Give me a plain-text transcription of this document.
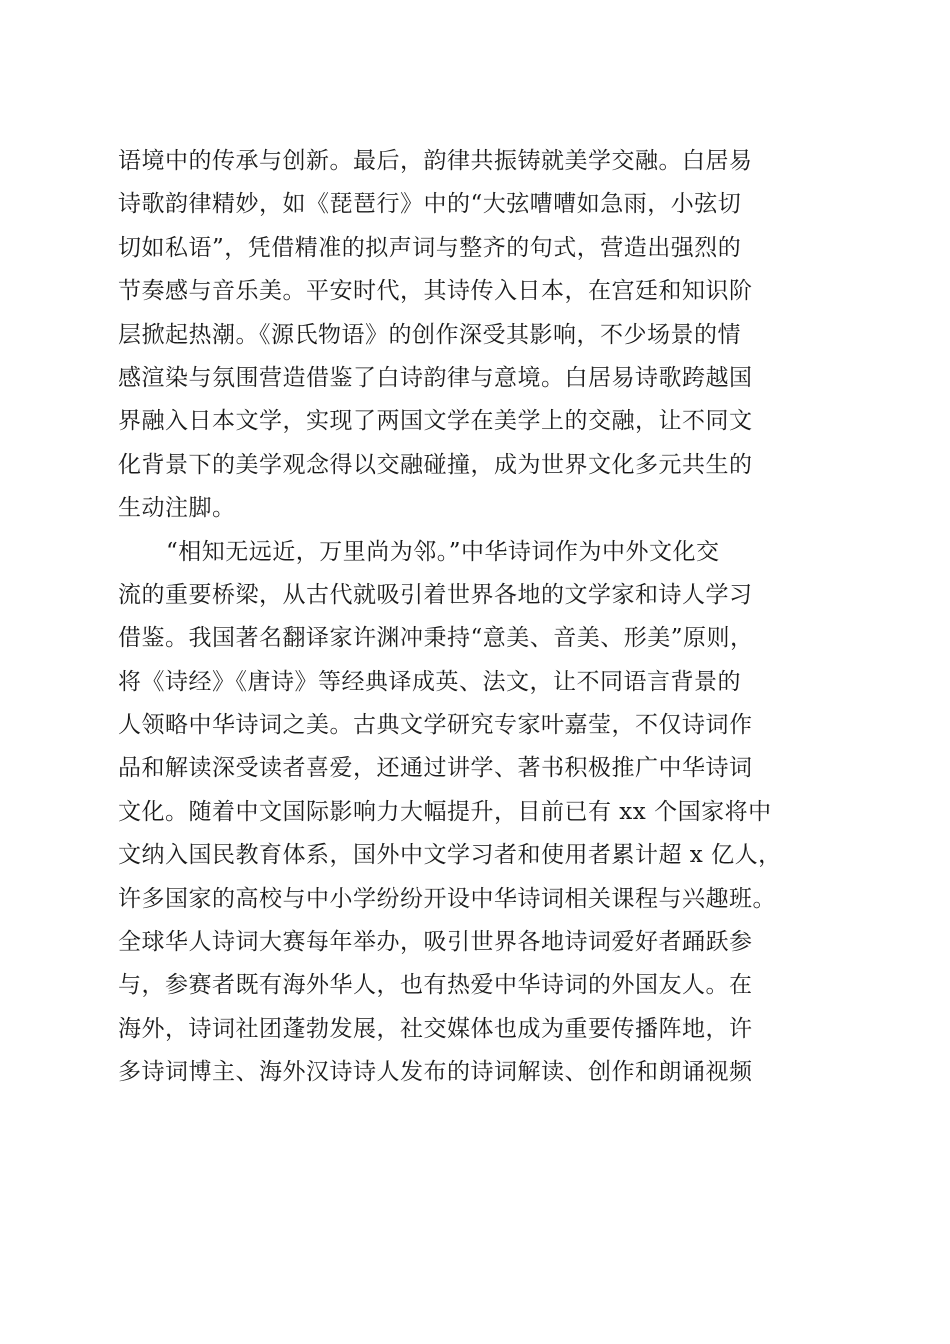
语境中的传承与创新。最后，韵律共振铸就美学交融。白居易
诗歌韵律精妙，如《琵琶行》中的“大弦嘈嘈如急雨，小弦切
切如私语”，凭借精准的拟声词与整齐的句式，营造出强烈的
节奏感与音乐美。平安时代，其诗传入日本，在宫廷和知识阶
层掀起热潮。《源氏物语》的创作深受其影响，不少场景的情
感渲染与氛围营造借鉴了白诗韵律与意境。白居易诗歌跨越国
界融入日本文学，实现了两国文学在美学上的交融，让不同文
化背景下的美学观念得以交融碰撞，成为世界文化多元共生的
生动注脚。
“相知无远近，万里尚为邻。”中华诗词作为中外文化交
流的重要桥梁，从古代就吸引着世界各地的文学家和诗人学习
借鉴。我国著名翻译家许渊冲秉持“意美、音美、形美”原则，
将《诗经》《唐诗》等经典译成英、法文，让不同语言背景的
人领略中华诗词之美。古典文学研究专家叶嘉莹，不仅诗词作
品和解读深受读者喜爱，还通过讲学、著书积极推广中华诗词
文化。随着中文国际影响力大幅提升，目前已有 xx 个国家将中
文纳入国民教育体系，国外中文学习者和使用者累计超 x 亿人，
许多国家的高校与中小学纷纷开设中华诗词相关课程与兴趣班。
全球华人诗词大赛每年举办，吸引世界各地诗词爱好者踊跃参
与，参赛者既有海外华人，也有热爱中华诗词的外国友人。在
海外，诗词社团蓬勃发展，社交媒体也成为重要传播阵地，许
多诗词博主、海外汉诗诗人发布的诗词解读、创作和朗诵视频
